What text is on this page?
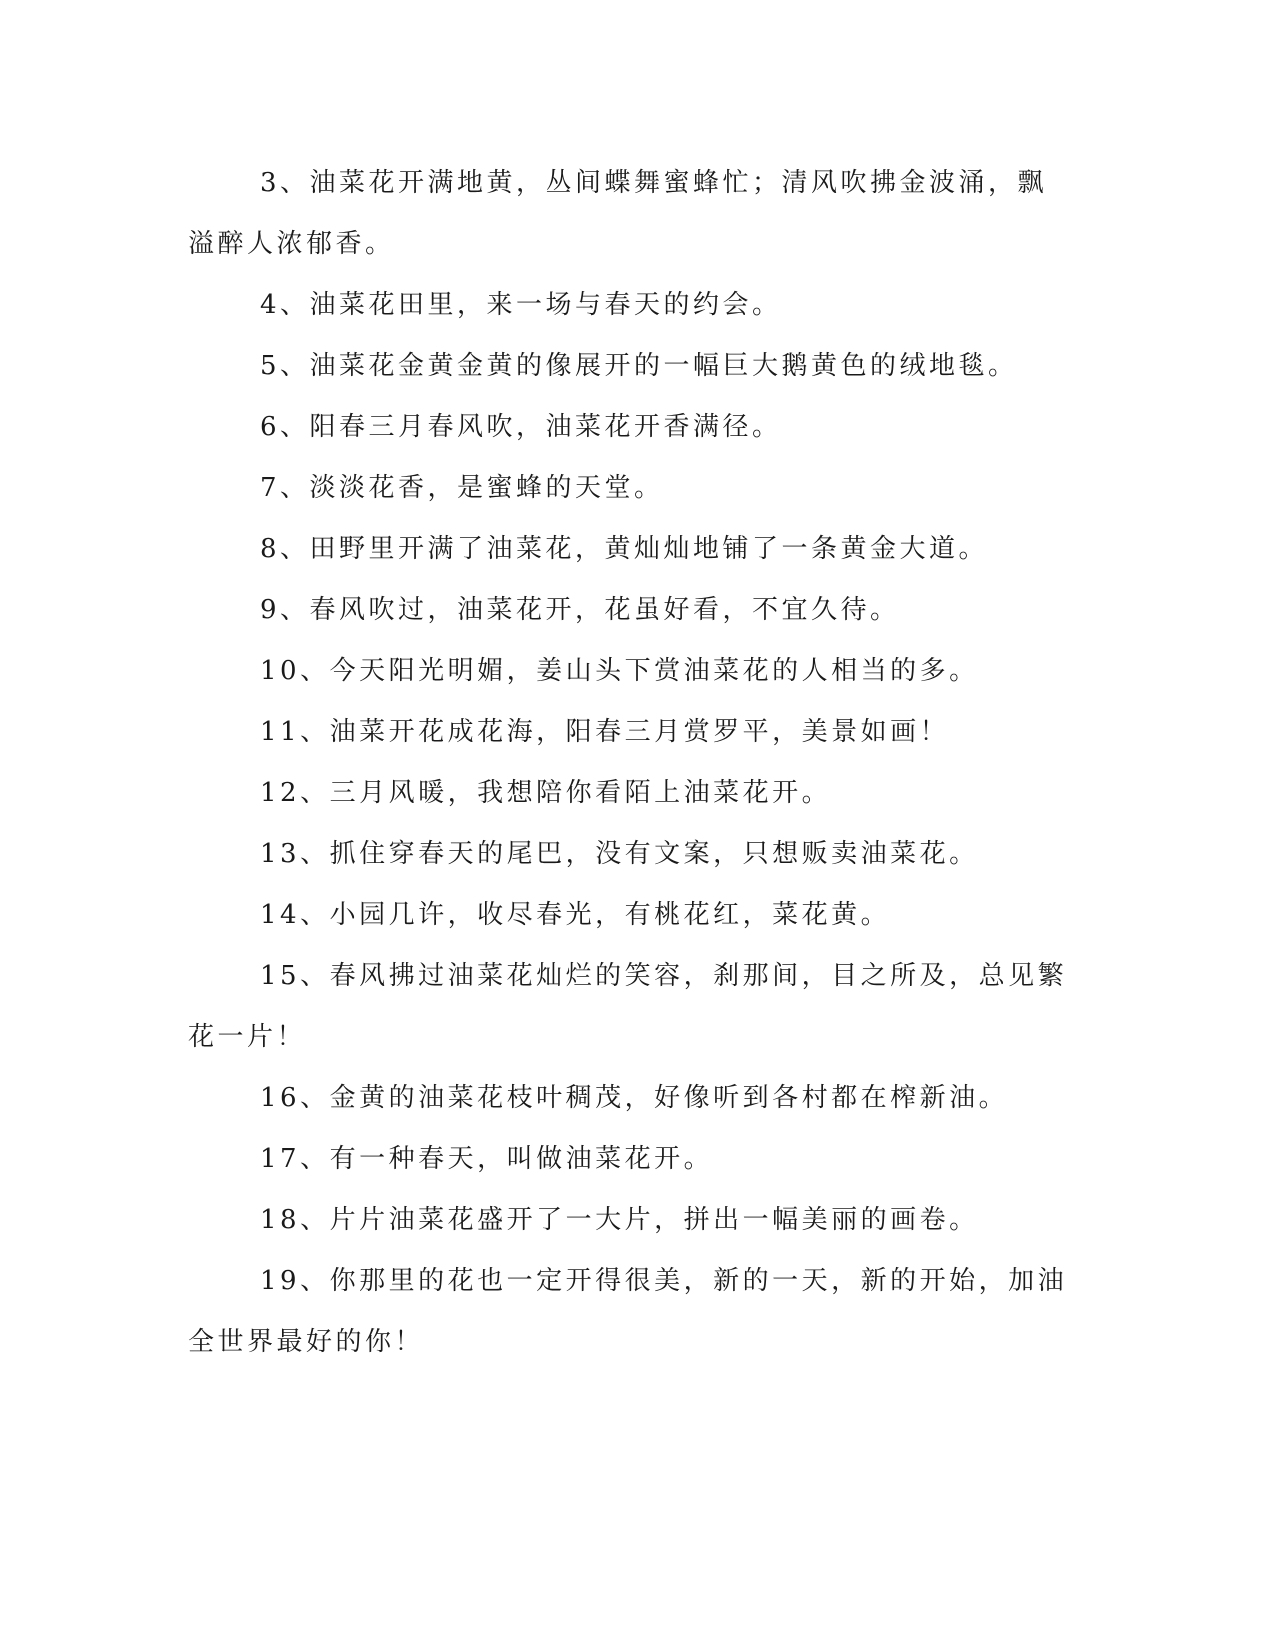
3、油菜花开满地黄，丛间蝶舞蜜蜂忙；清风吹拂金波涌，飘溢醉人浓郁香。

4、油菜花田里，来一场与春天的约会。

5、油菜花金黄金黄的像展开的一幅巨大鹅黄色的绒地毯。

6、阳春三月春风吹，油菜花开香满径。

7、淡淡花香，是蜜蜂的天堂。

8、田野里开满了油菜花，黄灿灿地铺了一条黄金大道。

9、春风吹过，油菜花开，花虽好看，不宜久待。

10、今天阳光明媚，姜山头下赏油菜花的人相当的多。

11、油菜开花成花海，阳春三月赏罗平，美景如画！

12、三月风暖，我想陪你看陌上油菜花开。

13、抓住穿春天的尾巴，没有文案，只想贩卖油菜花。

14、小园几许，收尽春光，有桃花红，菜花黄。

15、春风拂过油菜花灿烂的笑容，刹那间，目之所及，总见繁花一片！

16、金黄的油菜花枝叶稠茂，好像听到各村都在榨新油。

17、有一种春天，叫做油菜花开。

18、片片油菜花盛开了一大片，拼出一幅美丽的画卷。

19、你那里的花也一定开得很美，新的一天，新的开始，加油全世界最好的你！
